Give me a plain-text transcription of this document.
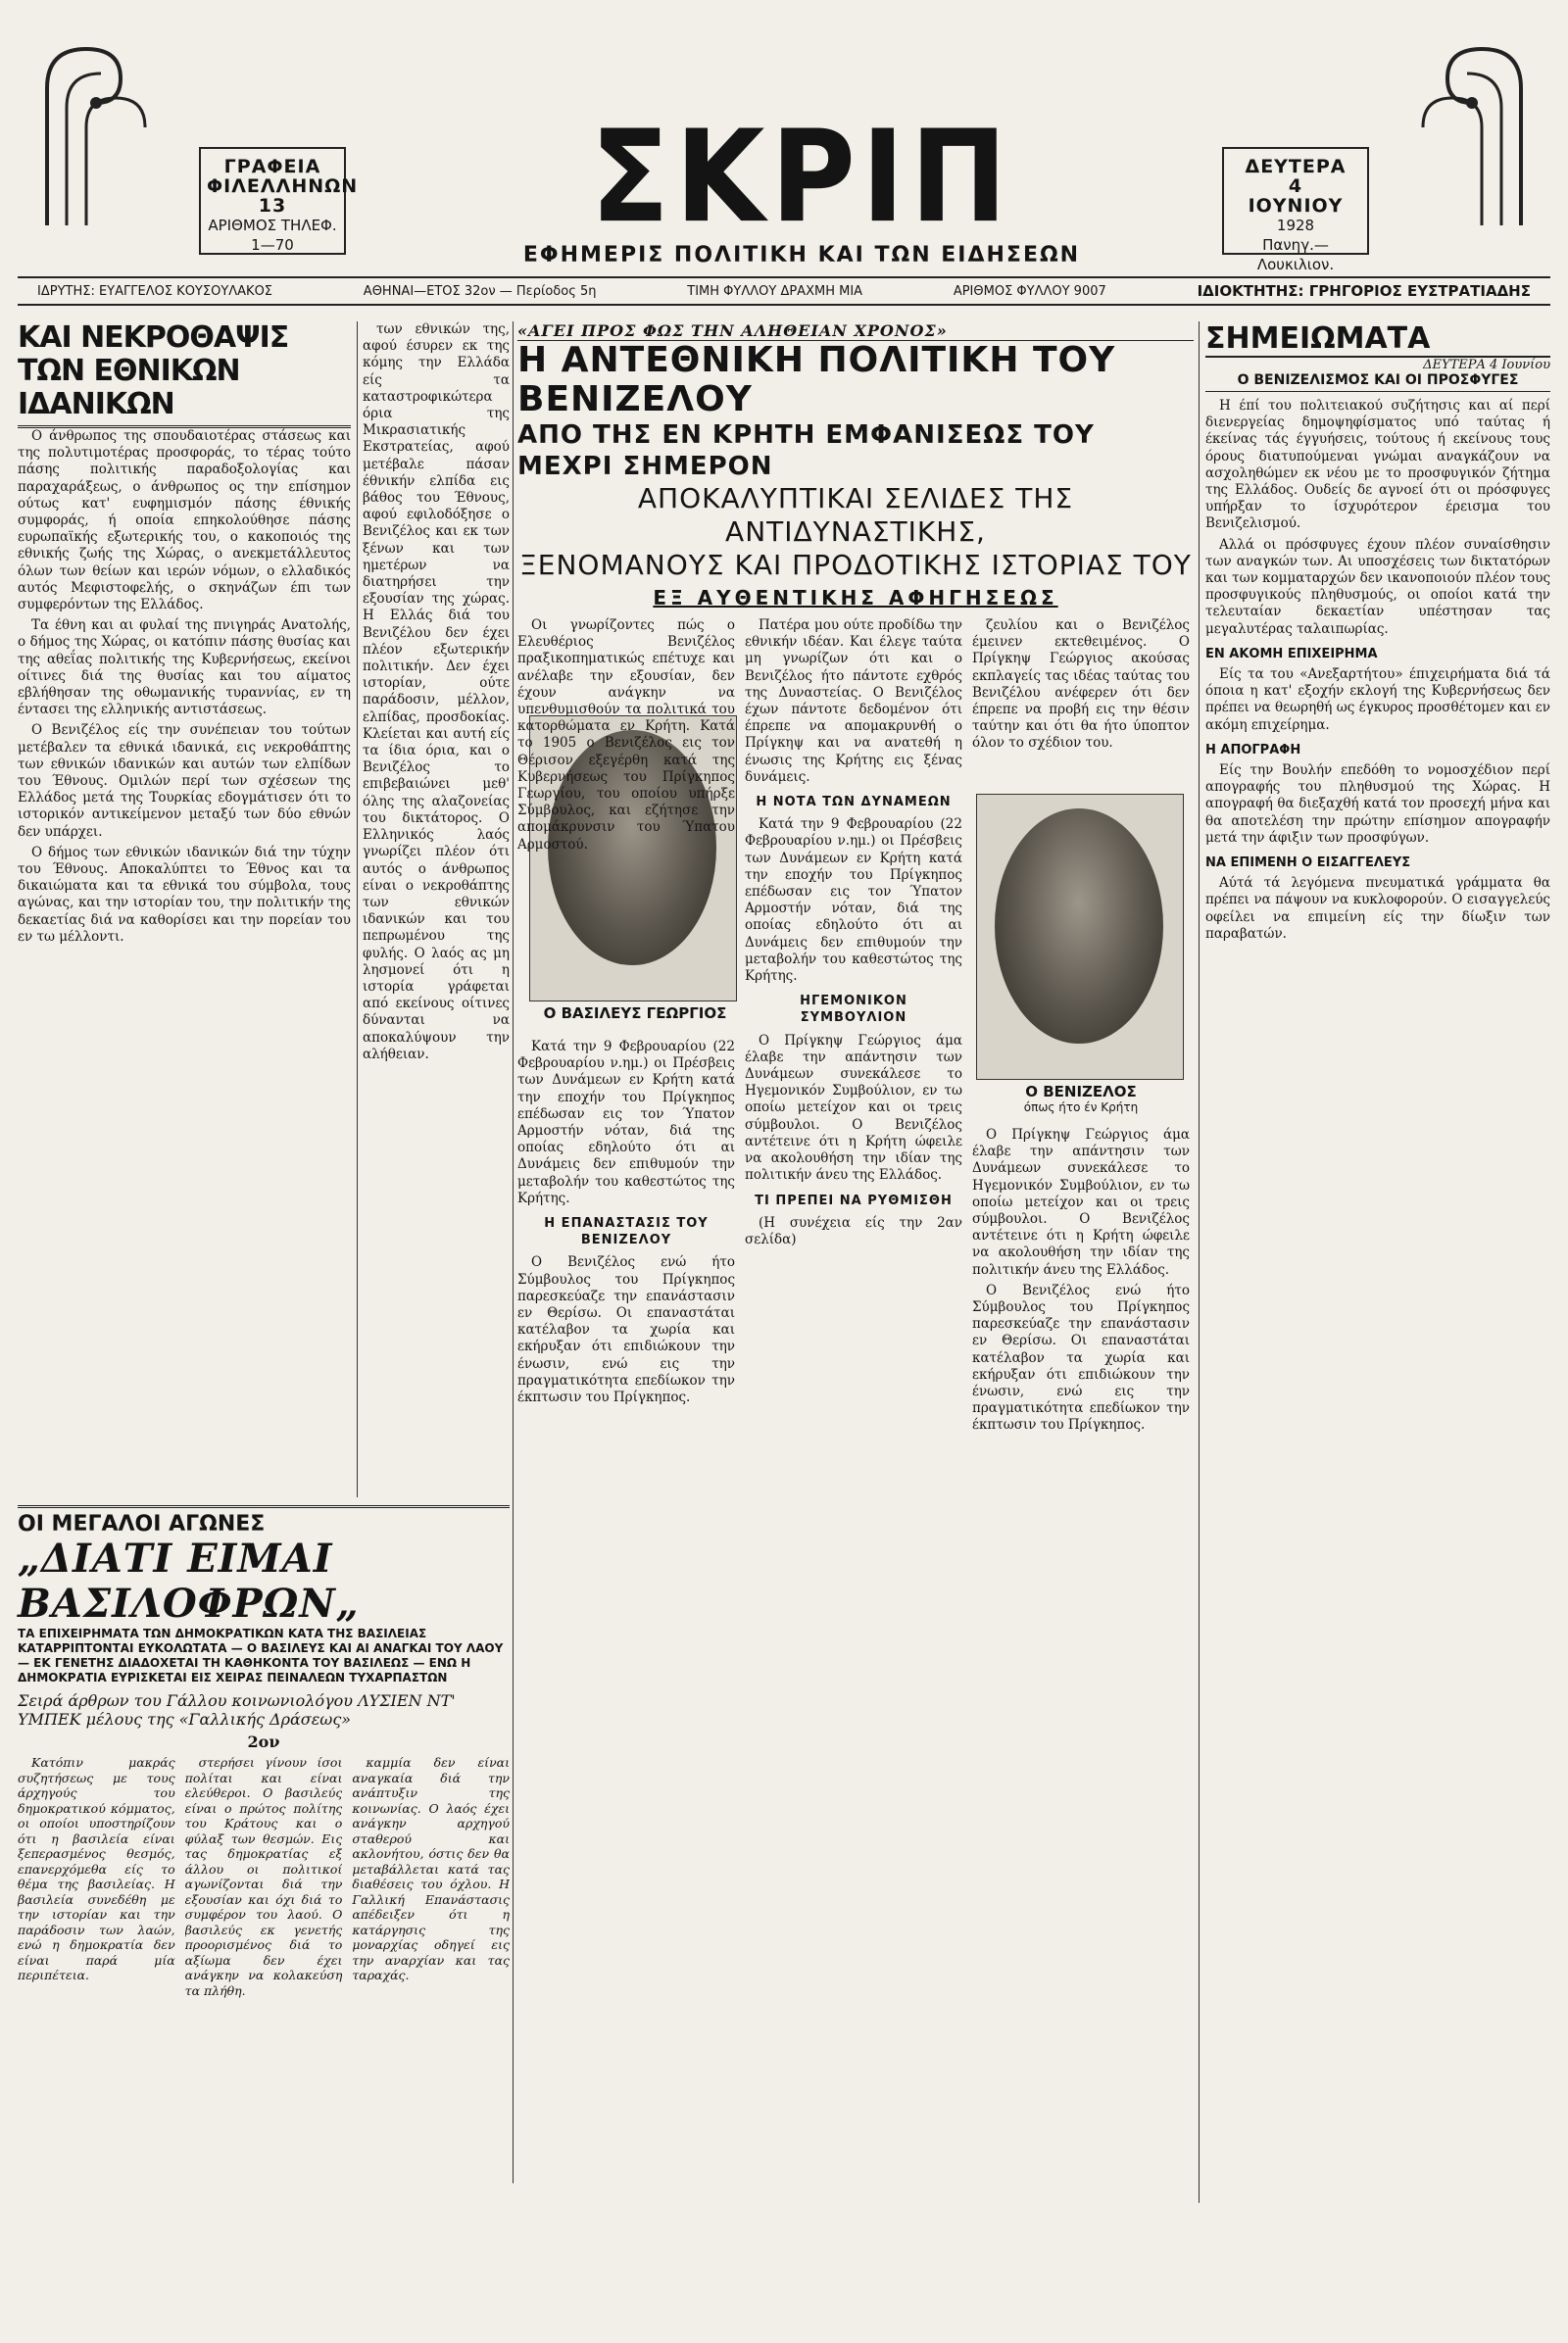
ΓΡΑΦΕΙΑ
ΦΙΛΕΛΛΗΝΩΝ 13
ΑΡΙΘΜΟΣ ΤΗΛΕΦ.
1—70
ΔΕΥΤΕΡΑ
4
ΙΟΥΝΙΟΥ
1928
Πανηγ.—Λουκιλιον.
ΣΚΡΙΠ
ΕΦΗΜΕΡΙΣ ΠΟΛΙΤΙΚΗ ΚΑΙ ΤΩΝ ΕΙΔΗΣΕΩΝ
ΙΔΡΥΤΗΣ: ΕΥΑΓΓΕΛΟΣ ΚΟΥΣΟΥΛΑΚΟΣ	ΑΘΗΝΑΙ—ΕΤΟΣ 32ον — Περίοδος 5η	ΤΙΜΗ ΦΥΛΛΟΥ ΔΡΑΧΜΗ ΜΙΑ	ΑΡΙΘΜΟΣ ΦΥΛΛΟΥ 9007	ΙΔΙΟΚΤΗΤΗΣ: ΓΡΗΓΟΡΙΟΣ ΕΥΣΤΡΑΤΙΑΔΗΣ
ΚΑΙ ΝΕΚΡΟΘΑΨΙΣ ΤΩΝ ΕΘΝΙΚΩΝ ΙΔΑΝΙΚΩΝ

Ο άνθρωπος της σπουδαιοτέρας στάσεως και της πολυτιμοτέρας προσφοράς, το τέρας τούτο πάσης πολιτικής παραδοξολογίας και παραχαράξεως, ο άνθρωπος ος την επίσημον ούτως κατ' ευφημισμόν πάσης έθνικής συμφοράς, ή οποία επηκολούθησε πάσης ευρωπαϊκής εξωτερικής του, ο κακοποιός της εθνικής ζωής της Χώρας, ο ανεκμετάλλευτος όλων των θείων και ιερών νόμων, ο ελλαδικός αυτός Μεφιστοφελής, ο σκηνάζων έπι των συμφερόντων της Ελλάδος.

Τα έθνη και αι φυλαί της πνιγηράς Ανατολής, ο δήμος της Χώρας, οι κατόπιν πάσης θυσίας και της αθεΐας πολιτικής της Κυβερνήσεως, εκείνοι οίτινες διά της θυσίας και του αίματος εβλήθησαν της οθωμανικής τυραννίας, εν τη έντασει της ελληνικής αντιστάσεως.

Ο Βενιζέλος είς την συνέπειαν του τούτων μετέβαλεν τα εθνικά ιδανικά, εις νεκροθάπτης των εθνικών ιδανικών και αυτών των ελπίδων του Έθνους. Ομιλών περί των σχέσεων της Ελλάδος μετά της Τουρκίας εδογμάτισεν ότι το ιστορικόν αντικείμενον μεταξύ των δύο εθνών δεν υπάρχει.

Ο δήμος των εθνικών ιδανικών διά την τύχην του Έθνους. Αποκαλύπτει το Έθνος και τα δικαιώματα και τα εθνικά του σύμβολα, τους αγώνας, και την ιστορίαν του, την πολιτικήν της δεκαετίας διά να καθορίσει και την πορείαν του εν τω μέλλοντι.

των εθνικών της, αφού έσυρεν εκ της κόμης την Ελλάδα είς τα καταστροφικώτερα όρια της Μικρασιατικής Εκστρατείας, αφού μετέβαλε πάσαν έθνικήν ελπίδα εις βάθος του Έθνους, αφού εφιλοδόξησε ο Βενιζέλος και εκ των ξένων και των ημετέρων να διατηρήσει την εξουσίαν της χώρας. Η Ελλάς διά του Βενιζέλου δεν έχει πλέον εξωτερικήν πολιτικήν. Δεν έχει ιστορίαν, ούτε παράδοσιν, μέλλον, ελπίδας, προσδοκίας. Κλείεται και αυτή είς τα ίδια όρια, και ο Βενιζέλος το επιβεβαιώνει μεθ' όλης της αλαζονείας του δικτάτορος. Ο Ελληνικός λαός γνωρίζει πλέον ότι αυτός ο άνθρωπος είναι ο νεκροθάπτης των εθνικών ιδανικών και του πεπρωμένου της φυλής. Ο λαός ας μη λησμονεί ότι η ιστορία γράφεται από εκείνους οίτινες δύνανται να αποκαλύψουν την αλήθειαν.

«ΑΓΕΙ ΠΡΟΣ ΦΩΣ ΤΗΝ ΑΛΗΘΕΙΑΝ ΧΡΟΝΟΣ»
Η ΑΝΤΕΘΝΙΚΗ ΠΟΛΙΤΙΚΗ ΤΟΥ ΒΕΝΙΖΕΛΟΥ
ΑΠΟ ΤΗΣ ΕΝ ΚΡΗΤΗ ΕΜΦΑΝΙΣΕΩΣ ΤΟΥ ΜΕΧΡΙ ΣΗΜΕΡΟΝ
ΑΠΟΚΑΛΥΠΤΙΚΑΙ ΣΕΛΙΔΕΣ ΤΗΣ ΑΝΤΙΔΥΝΑΣΤΙΚΗΣ,
ΞΕΝΟΜΑΝΟΥΣ ΚΑΙ ΠΡΟΔΟΤΙΚΗΣ ΙΣΤΟΡΙΑΣ ΤΟΥ
ΕΞ ΑΥΘΕΝΤΙΚΗΣ ΑΦΗΓΗΣΕΩΣ
Ο ΒΑΣΙΛΕΥΣ ΓΕΩΡΓΙΟΣ
Ο ΒΕΝΙΖΕΛΟΣ
όπως ήτο έν Κρήτη

Οι γνωρίζοντες πώς ο Ελευθέριος Βενιζέλος πραξικοπηματικώς επέτυχε και ανέλαβε την εξουσίαν, δεν έχουν ανάγκην να υπενθυμισθούν τα πολιτικά του κατορθώματα εν Κρήτη. Κατά το 1905 ο Βενιζέλος εις τον Θέρισον εξεγέρθη κατά της Κυβερνήσεως του Πρίγκηπος Γεωργίου, του οποίου υπήρξε Σύμβουλος, και εζήτησε την απομάκρυνσιν του Ύπατου Αρμοστού.

Κατά την 9 Φεβρουαρίου (22 Φεβρουαρίου ν.ημ.) οι Πρέσβεις των Δυνάμεων εν Κρήτη κατά την εποχήν του Πρίγκηπος επέδωσαν εις τον Ύπατον Αρμοστήν νόταν, διά της οποίας εδηλούτο ότι αι Δυνάμεις δεν επιθυμούν την μεταβολήν του καθεστώτος της Κρήτης.

Η ΕΠΑΝΑΣΤΑΣΙΣ ΤΟΥ ΒΕΝΙΖΕΛΟΥ

Ο Βενιζέλος ενώ ήτο Σύμβουλος του Πρίγκηπος παρεσκεύαζε την επανάστασιν εν Θερίσω. Οι επαναστάται κατέλαβον τα χωρία και εκήρυξαν ότι επιδιώκουν την ένωσιν, ενώ εις την πραγματικότητα επεδίωκον την έκπτωσιν του Πρίγκηπος.

Πατέρα μου ούτε προδίδω την εθνικήν ιδέαν. Και έλεγε ταύτα μη γνωρίζων ότι και ο Βενιζέλος ήτο πάντοτε εχθρός της Δυναστείας. Ο Βενιζέλος έχων πάντοτε δεδομένον ότι έπρεπε να απομακρυνθή ο Πρίγκηψ και να ανατεθή η ένωσις της Κρήτης εις ξένας δυνάμεις.

Η ΝΟΤΑ ΤΩΝ ΔΥΝΑΜΕΩΝ

Κατά την 9 Φεβρουαρίου (22 Φεβρουαρίου ν.ημ.) οι Πρέσβεις των Δυνάμεων εν Κρήτη κατά την εποχήν του Πρίγκηπος επέδωσαν εις τον Ύπατον Αρμοστήν νόταν, διά της οποίας εδηλούτο ότι αι Δυνάμεις δεν επιθυμούν την μεταβολήν του καθεστώτος της Κρήτης.

ΗΓΕΜΟΝΙΚΟΝ ΣΥΜΒΟΥΛΙΟΝ

Ο Πρίγκηψ Γεώργιος άμα έλαβε την απάντησιν των Δυνάμεων συνεκάλεσε το Ηγεμονικόν Συμβούλιον, εν τω οποίω μετείχον και οι τρεις σύμβουλοι. Ο Βενιζέλος αντέτεινε ότι η Κρήτη ώφειλε να ακολουθήση την ιδίαν της πολιτικήν άνευ της Ελλάδος.

ΤΙ ΠΡΕΠΕΙ ΝΑ ΡΥΘΜΙΣΘΗ

(Η συνέχεια είς την 2αν σελίδα)

ζευλίου και ο Βενιζέλος έμεινεν εκτεθειμένος. Ο Πρίγκηψ Γεώργιος ακούσας εκπλαγείς τας ιδέας ταύτας του Βενιζέλου ανέφερεν ότι δεν έπρεπε να προβή εις την θέσιν ταύτην και ότι θα ήτο ύποπτον όλον το σχέδιον του.

Ο Πρίγκηψ Γεώργιος άμα έλαβε την απάντησιν των Δυνάμεων συνεκάλεσε το Ηγεμονικόν Συμβούλιον, εν τω οποίω μετείχον και οι τρεις σύμβουλοι. Ο Βενιζέλος αντέτεινε ότι η Κρήτη ώφειλε να ακολουθήση την ιδίαν της πολιτικήν άνευ της Ελλάδος.

Ο Βενιζέλος ενώ ήτο Σύμβουλος του Πρίγκηπος παρεσκεύαζε την επανάστασιν εν Θερίσω. Οι επαναστάται κατέλαβον τα χωρία και εκήρυξαν ότι επιδιώκουν την ένωσιν, ενώ εις την πραγματικότητα επεδίωκον την έκπτωσιν του Πρίγκηπος.

ΣΗΜΕΙΩΜΑΤΑ
ΔΕΥΤΕΡΑ 4 Ιουνίου
Ο ΒΕΝΙΖΕΛΙΣΜΟΣ ΚΑΙ ΟΙ ΠΡΟΣΦΥΓΕΣ

Η έπί του πολιτειακού συζήτησις και αί περί διενεργείας δημοψηφίσματος υπό ταύτας ή έκείνας τάς έγγυήσεις, τούτους ή εκείνους τους όρους διατυπούμεναι γνώμαι αναγκάζουν να ασχοληθώμεν εκ νέου με το προσφυγικόν ζήτημα της Ελλάδος. Ουδείς δε αγνοεί ότι οι πρόσφυγες υπήρξαν το ίσχυρότερον έρεισμα του Βενιζελισμού.

Αλλά οι πρόσφυγες έχουν πλέον συναίσθησιν των αναγκών των. Αι υποσχέσεις των δικτατόρων και των κομματαρχών δεν ικανοποιούν πλέον τους προσφυγικούς πληθυσμούς, οι οποίοι κατά την τελευταίαν δεκαετίαν υπέστησαν τας μεγαλυτέρας ταλαιπωρίας.

ΕΝ ΑΚΟΜΗ ΕΠΙΧΕΙΡΗΜΑ

Είς τα του «Ανεξαρτήτου» έπιχειρήματα διά τά όποια η κατ' εξοχήν εκλογή της Κυβερνήσεως δεν πρέπει να θεωρηθή ως έγκυρος προσθέτομεν και εν ακόμη επιχείρημα.

Η ΑΠΟΓΡΑΦΗ

Είς την Βουλήν επεδόθη το νομοσχέδιον περί απογραφής του πληθυσμού της Χώρας. Η απογραφή θα διεξαχθή κατά τον προσεχή μήνα και θα αποτελέση την πρώτην επίσημον απογραφήν μετά την άφιξιν των προσφύγων.

ΝΑ ΕΠΙΜΕΝΗ Ο ΕΙΣΑΓΓΕΛΕΥΣ

Αύτά τά λεγόμενα πνευματικά γράμματα θα πρέπει να πάψουν να κυκλοφορούν. Ο εισαγγελεύς οφείλει να επιμείνη είς την δίωξιν των παραβατών.

ΟΙ ΜΕΓΑΛΟΙ ΑΓΩΝΕΣ
„ΔΙΑΤΙ ΕΙΜΑΙ ΒΑΣΙΛΟΦΡΩΝ„
ΤΑ ΕΠΙΧΕΙΡΗΜΑΤΑ ΤΩΝ ΔΗΜΟΚΡΑΤΙΚΩΝ ΚΑΤΑ ΤΗΣ ΒΑΣΙΛΕΙΑΣ ΚΑΤΑΡΡΙΠΤΟΝΤΑΙ ΕΥΚΟΛΩΤΑΤΑ — Ο ΒΑΣΙΛΕΥΣ ΚΑΙ ΑΙ ΑΝΑΓΚΑΙ ΤΟΥ ΛΑΟΥ — ΕΚ ΓΕΝΕΤΗΣ ΔΙΑΔΟΧΕΤΑΙ ΤΗ ΚΑΘΗΚΟΝΤΑ ΤΟΥ ΒΑΣΙΛΕΩΣ — ΕΝΩ Η ΔΗΜΟΚΡΑΤΙΑ ΕΥΡΙΣΚΕΤΑΙ ΕΙΣ ΧΕΙΡΑΣ ΠΕΙΝΑΛΕΩΝ ΤΥΧΑΡΠΑΣΤΩΝ
Σειρά άρθρων του Γάλλου κοινωνιολόγου ΛΥΣΙΕΝ ΝΤ' ΥΜΠΕΚ μέλους της «Γαλλικής Δράσεως»
2ον

Κατόπιν μακράς συζητήσεως με τους άρχηγούς του δημοκρατικού κόμματος, οι οποίοι υποστηρίζουν ότι η βασιλεία είναι ξεπερασμένος θεσμός, επανερχόμεθα είς το θέμα της βασιλείας. Η βασιλεία συνεδέθη με την ιστορίαν και την παράδοσιν των λαών, ενώ η δημοκρατία δεν είναι παρά μία περιπέτεια.

στερήσει γίνουν ίσοι πολίται και είναι ελεύθεροι. Ο βασιλεύς είναι ο πρώτος πολίτης του Κράτους και ο φύλαξ των θεσμών. Εις τας δημοκρατίας εξ άλλου οι πολιτικοί αγωνίζονται διά την εξουσίαν και όχι διά το συμφέρον του λαού. Ο βασιλεύς εκ γενετής προορισμένος διά το αξίωμα δεν έχει ανάγκην να κολακεύση τα πλήθη.

καμμία δεν είναι αναγκαία διά την ανάπτυξιν της κοινωνίας. Ο λαός έχει ανάγκην αρχηγού σταθερού και ακλονήτου, όστις δεν θα μεταβάλλεται κατά τας διαθέσεις του όχλου. Η Γαλλική Επανάστασις απέδειξεν ότι η κατάργησις της μοναρχίας οδηγεί εις την αναρχίαν και τας ταραχάς.
